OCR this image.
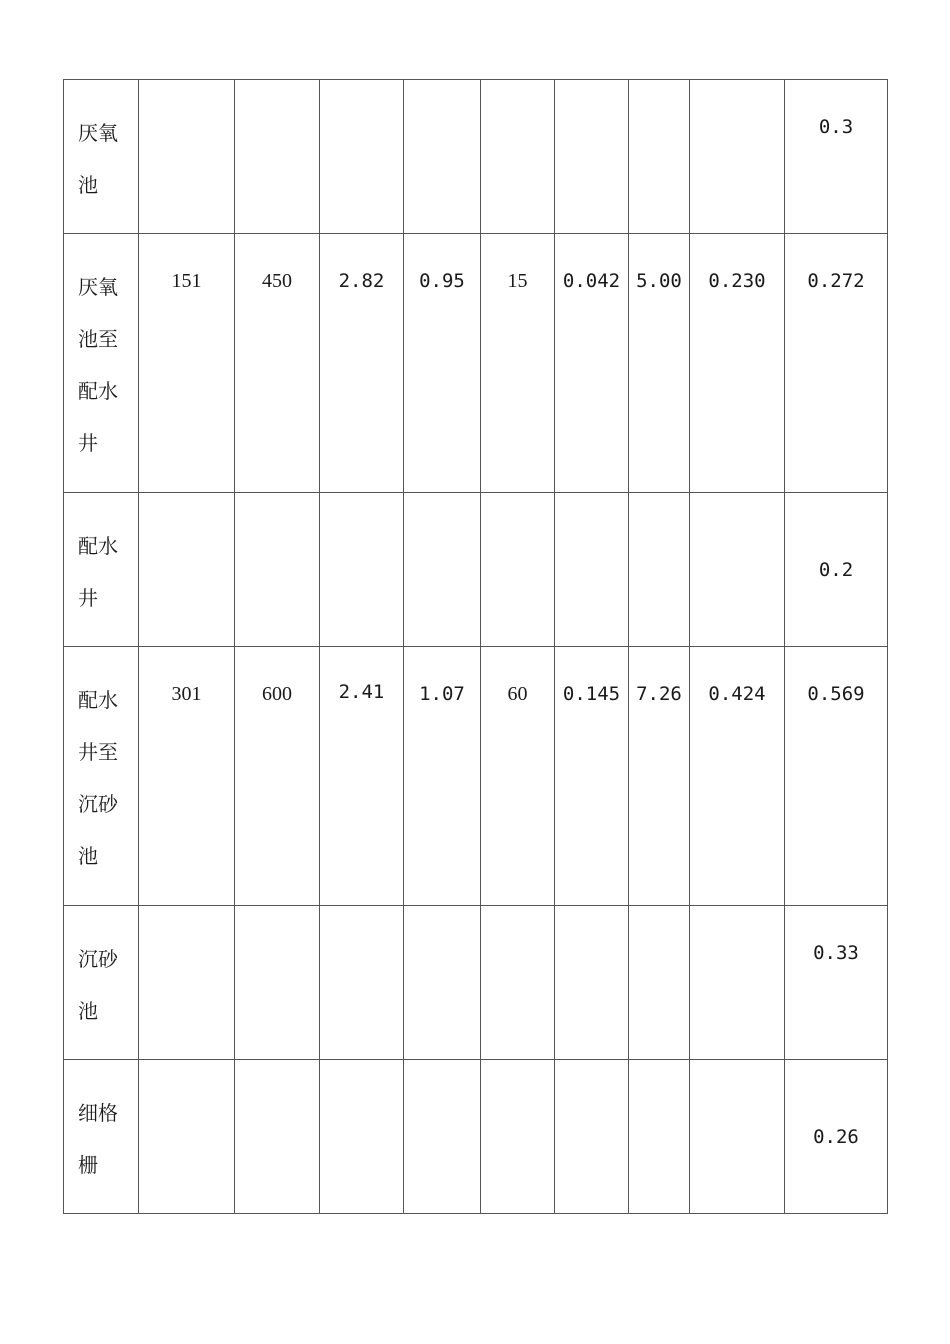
厌氧池									0.3

厌氧池至配水井	151	450	2.82	0.95	15	0.042	5.00	0.230	0.272

配水井									0.2

配水井至沉砂池	301	600	2.41	1.07	60	0.145	7.26	0.424	0.569

沉砂池									0.33

细格栅									0.26
